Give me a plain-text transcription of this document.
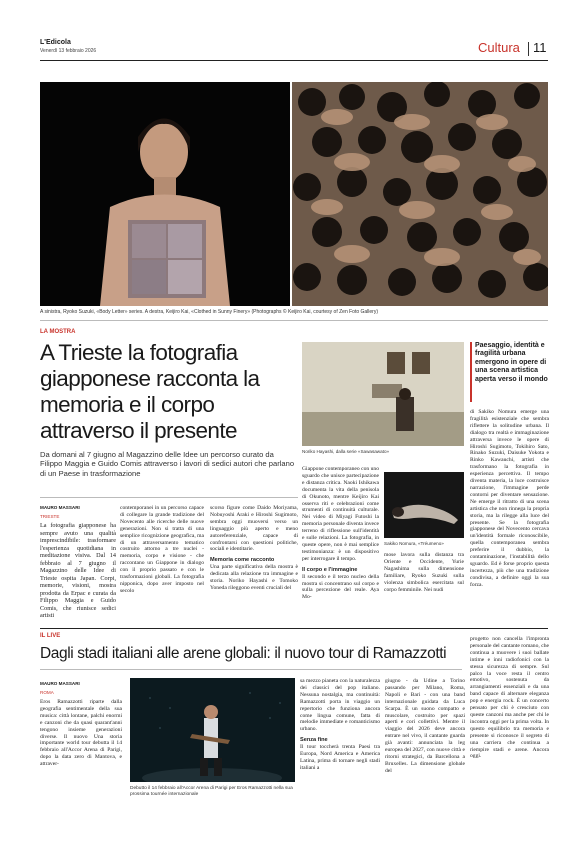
L'Edicola
Venerdì 13 febbraio 2026	Cultura 11
A sinistra, Ryoko Suzuki, «Body Letter» series. A destra, Keijiro Kai, «Clothed in Sunny Finery» (Photographs © Keijiro Kai, courtesy of Zen Foto Gallery)
LA MOSTRA
A Trieste la fotografia giapponese racconta la memoria e il corpo attraverso il presente
Da domani al 7 giugno al Magazzino delle Idee un percorso curato da Filippo Maggia e Guido Comis attraverso i lavori di sedici autori che parlano di un Paese in trasformazione
MAURO MASSARI
TRIESTE

La fotografia giapponese ha sempre avuto una qualità imprescindibile: trasformare l'esperienza quotidiana in meditazione visiva. Dal 14 febbraio al 7 giugno il Magazzino delle Idee di Trieste ospita Japan. Corpi, memorie, visioni, mostra prodotta da Erpac e curata da Filippo Maggia e Guido Comis, che riunisce sedici artisti

contemporanei in un percorso capace di collegare la grande tradizione del Novecento alle ricerche delle nuove generazioni. Non si tratta di una semplice ricognizione geografica, ma di un attraversamento tematico costruito attorno a tre nuclei - memoria, corpo e visione - che raccontano un Giappone in dialogo con il proprio passato e con le trasformazioni globali. La fotografia nipponica, dopo aver imposto nel secolo

scorso figure come Daido Moriyama, Nobuyoshi Araki e Hiroshi Sugimoto, sembra oggi muoversi verso un linguaggio più aperto e meno autoreferenziale, capace di confrontarsi con questioni politiche, sociali e identitarie.

Memoria come racconto

Una parte significativa della mostra è dedicata alla relazione tra immagine e storia. Noriko Hayashi e Tomoko Yoneda rileggono eventi cruciali del

Noriko Hayashi, dalla serie «Sawasawato»

Giappone contemporaneo con uno sguardo che unisce partecipazione e distanza critica. Naoki Ishikawa documenta la vita della penisola di Okunoto, mentre Keijiro Kai osserva riti e celebrazioni come strumenti di continuità culturale. Nei video di Miyagi Futoshi la memoria personale diventa invece terreno di riflessione sull'identità e sulle relazioni. La fotografia, in queste opere, non è mai semplice testimonianza: è un dispositivo per interrogare il tempo.

Il corpo e l'immagine

Il secondo e il terzo nucleo della mostra si concentrano sul corpo e sulla percezione del reale. Aya Mo-

Sakiko Nomura, «Tréumeno»

mose lavora sulla distanza tra Oriente e Occidente, Yurie Nagashima sulla dimensione familiare, Ryoko Suzuki sulla violenza simbolica esercitata sul corpo femminile. Nei nudi

Paesaggio, identità e fragilità urbana emergono in opere di una scena artistica aperta verso il mondo

di Sakiko Nomura emerge una fragilità esistenziale che sembra riflettere la solitudine urbana. Il dialogo tra realtà e immaginazione attraversa invece le opere di Hiroshi Sugimoto, Tokihiro Sato, Rinako Suzuki, Daisuke Yokota e Rinko Kawauchi, artisti che trasformano la fotografia in esperienza percettiva. Il tempo diventa materia, la luce costruisce narrazione, l'immagine perde contorni per diventare sensazione. Ne emerge il ritratto di una scena artistica che non rinnega la propria storia, ma la rilegge alla luce del presente. Se la fotografia giapponese del Novecento cercava un'identità formale riconoscibile, quella contemporanea sembra preferire il dubbio, la contaminazione, l'instabilità dello sguardo. Ed è forse proprio questa incertezza, più che una tradizione condivisa, a definire oggi la sua forza.

IL LIVE
Dagli stadi italiani alle arene globali: il nuovo tour di Ramazzotti
MAURO MASSARI
ROMA

Eros Ramazzotti riparte dalla geografia sentimentale della sua musica: città lontane, palchi enormi e canzoni che da quasi quarant'anni tengono insieme generazioni diverse. Il nuovo Una storia importante world tour debutta il 14 febbraio all'Accor Arena di Parigi, dopo la data zero di Mantova, e attraver-

Debutto il 14 febbraio all'Accor Arena di Parigi per Eros Ramazzotti nella sua prossima tournée internazionale

sa mezzo pianeta con la naturalezza dei classici del pop italiano. Nessuna nostalgia, ma continuità: Ramazzotti porta in viaggio un repertorio che funziona ancora come lingua comune, fatta di melodie immediate e romanticismo urbano.

Senza fine

Il tour toccherà trenta Paesi tra Europa, Nord America e America Latina, prima di tornare negli stadi italiani a

giugno - da Udine a Torino passando per Milano, Roma, Napoli e Bari - con una band internazionale guidata da Luca Scarpa. È un suono compatto e muscolare, costruito per spazi aperti e cori collettivi. Mentre il viaggio del 2026 deve ancora entrare nel vivo, il cantante guarda già avanti: annunciata la leg europea del 2027, con nuove città e ritorni strategici, da Barcellona a Bruxelles. La dimensione globale del

progetto non cancella l'impronta personale del cantante romano, che continua a muovere i suoi ballate intime e inni radiofonici con la stessa sicurezza di sempre. Sul palco la voce resta il centro emotivo, sostenuta da arrangiamenti essenziali e da una band capace di alternare eleganza pop e energia rock. È un concerto pensato per chi è cresciuto con queste canzoni ma anche per chi le incontra oggi per la prima volta. In questo equilibrio tra memoria e presente si riconosce il segreto di una carriera che continua a riempire stadi e arene. Ancora oggi.
